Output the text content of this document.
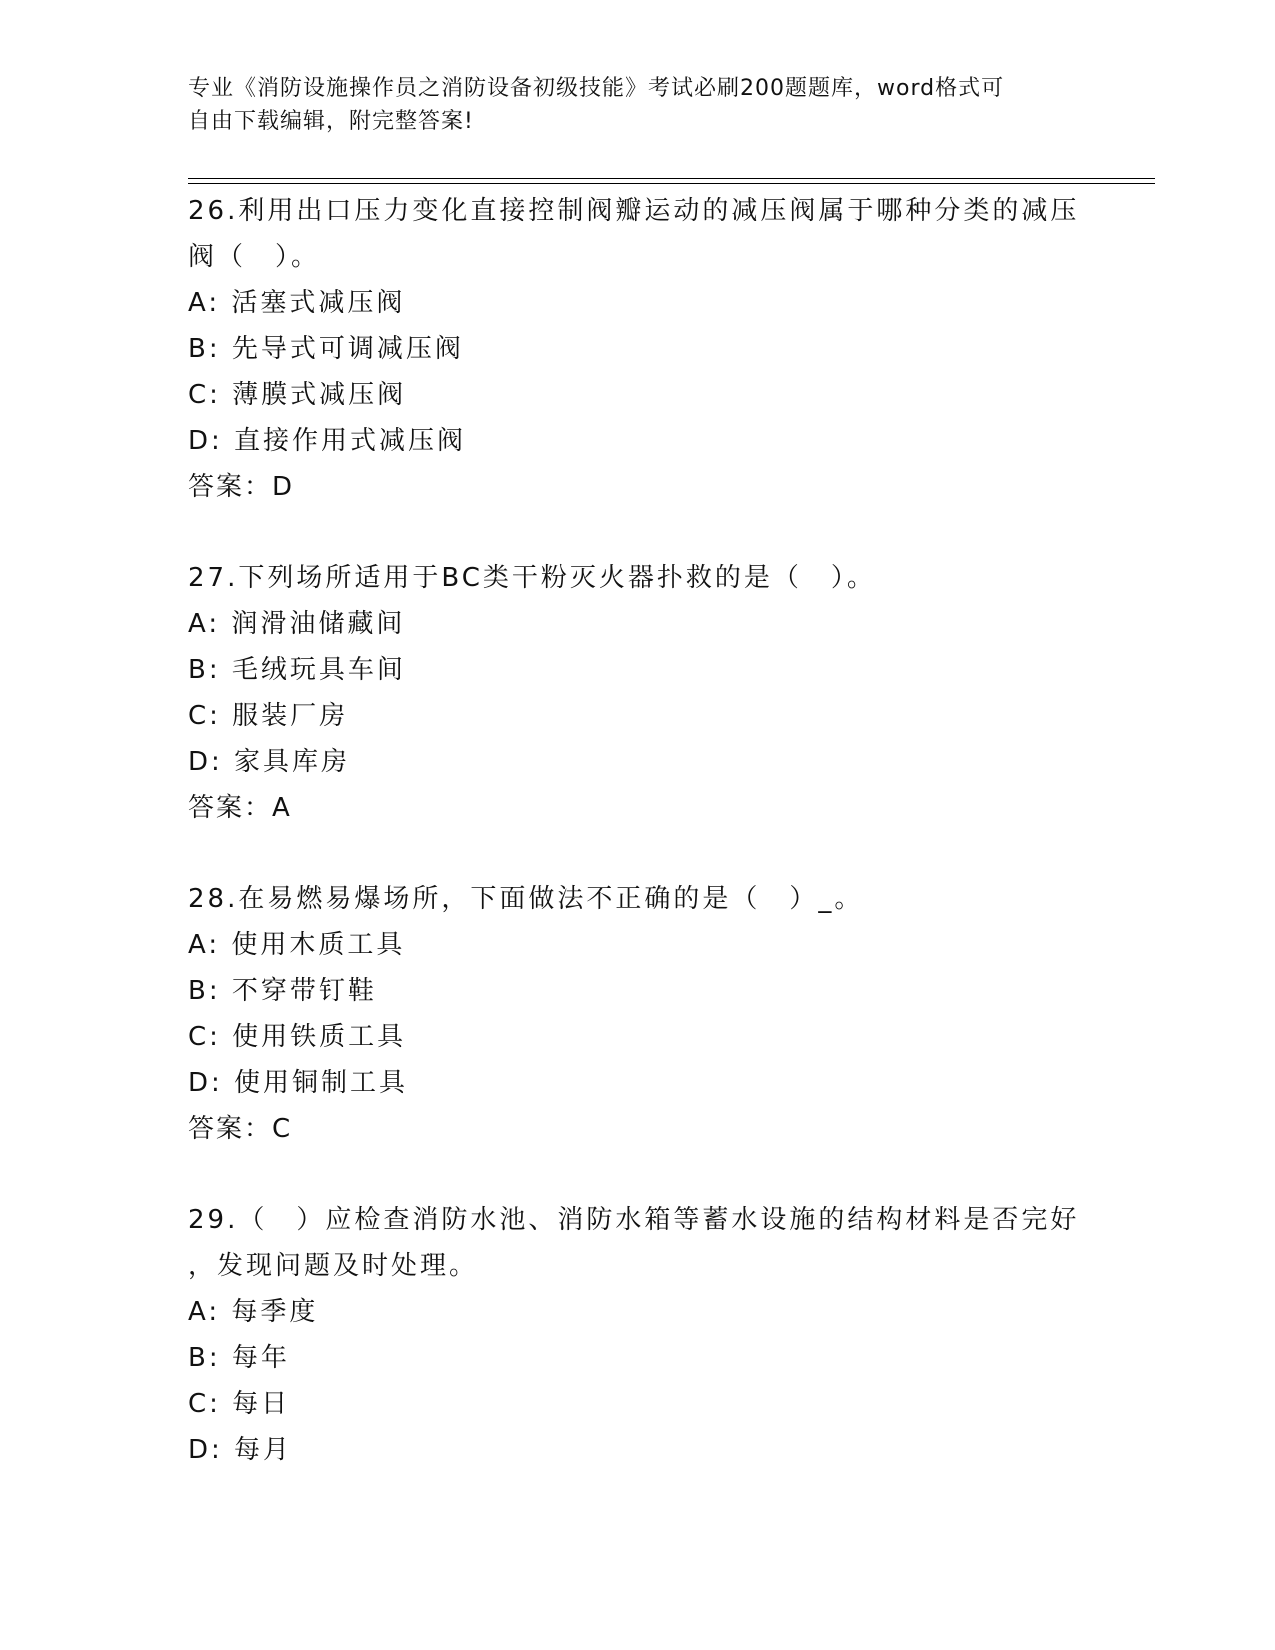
专业《消防设施操作员之消防设备初级技能》考试必刷200题题库，word格式可
自由下载编辑，附完整答案!
26.利用出口压力变化直接控制阀瓣运动的减压阀属于哪种分类的减压
阀（　）。
A: 活塞式减压阀
B: 先导式可调减压阀
C: 薄膜式减压阀
D: 直接作用式减压阀
答案：D
27.下列场所适用于BC类干粉灭火器扑救的是（　）。
A: 润滑油储藏间
B: 毛绒玩具车间
C: 服装厂房
D: 家具库房
答案：A
28.在易燃易爆场所，下面做法不正确的是（　）_。
A: 使用木质工具
B: 不穿带钉鞋
C: 使用铁质工具
D: 使用铜制工具
答案：C
29.（　）应检查消防水池、消防水箱等蓄水设施的结构材料是否完好
，发现问题及时处理。
A: 每季度
B: 每年
C: 每日
D: 每月
